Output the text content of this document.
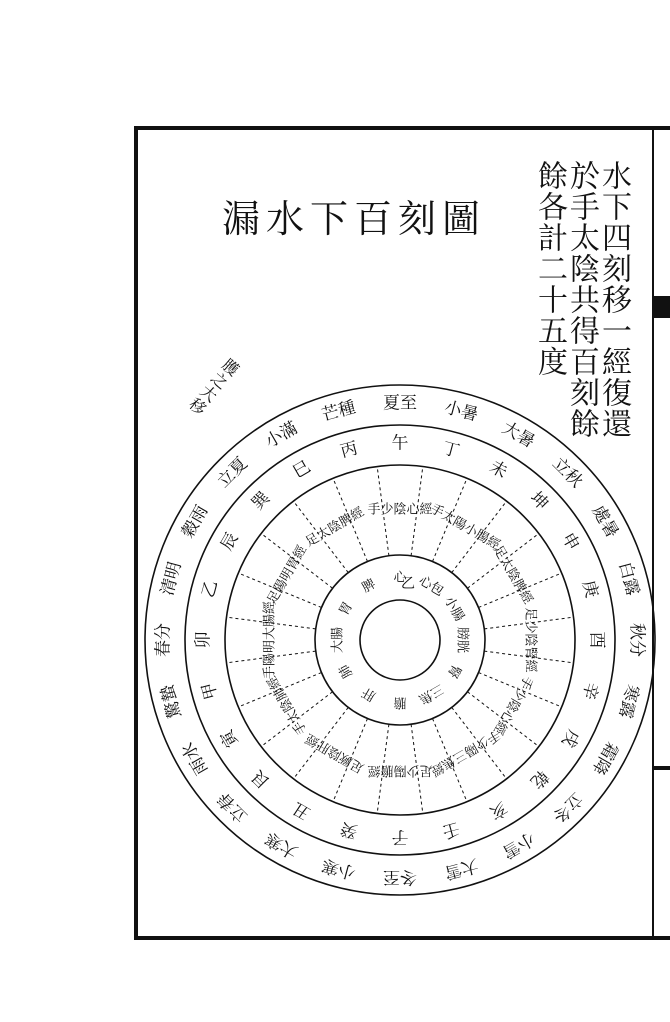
漏水下百刻圖	水下四刻移一經復還
於手太陰共得百刻餘
餘各計二十五度
臒之大移
立秋
處暑
白露
秋分
寒露
霜降
立冬
小雪
大雪
冬至
小寒
大寒
立春
雨水
驚蟄
春分
清明
穀雨
立夏
小滿
芒種 夏至 小暑
大暑
坤
申
庚
酉
辛
戌
乾
亥
壬
子
癸
丑
艮
寅
甲
卯
乙
辰
巽
巳
丙 午 丁
未
足太陰脾經
足少陰腎經
手少陰心經
手少陽三焦經
足少陽膽經
足厥陰肝經
手太陰肺經
手陽明大腸經
足陽明胃經
足太陰脾經 手少陰心經
手太陽小腸經
小腸
膀胱
腎
三焦
膽
肝
肺
大腸
胃
脾 心 心包
乙
